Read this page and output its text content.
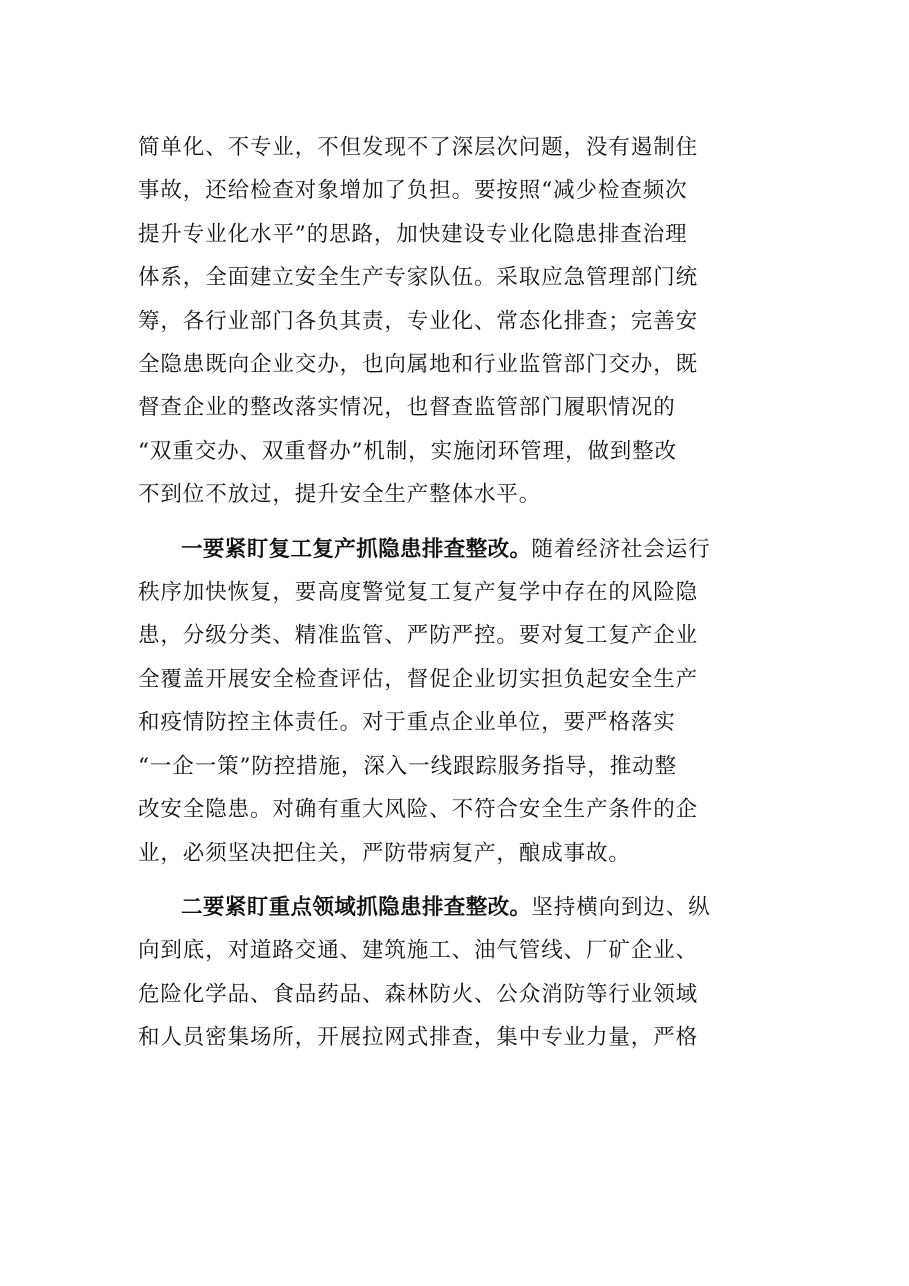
简单化、不专业，不但发现不了深层次问题，没有遏制住
事故，还给检查对象增加了负担。要按照“减少检查频次
提升专业化水平”的思路，加快建设专业化隐患排查治理
体系，全面建立安全生产专家队伍。采取应急管理部门统
筹，各行业部门各负其责，专业化、常态化排查；完善安
全隐患既向企业交办，也向属地和行业监管部门交办，既
督查企业的整改落实情况，也督查监管部门履职情况的
“双重交办、双重督办”机制，实施闭环管理，做到整改
不到位不放过，提升安全生产整体水平。
一要紧盯复工复产抓隐患排查整改。随着经济社会运行
秩序加快恢复，要高度警觉复工复产复学中存在的风险隐
患，分级分类、精准监管、严防严控。要对复工复产企业
全覆盖开展安全检查评估，督促企业切实担负起安全生产
和疫情防控主体责任。对于重点企业单位，要严格落实
“一企一策”防控措施，深入一线跟踪服务指导，推动整
改安全隐患。对确有重大风险、不符合安全生产条件的企
业，必须坚决把住关，严防带病复产，酿成事故。
二要紧盯重点领域抓隐患排查整改。坚持横向到边、纵
向到底，对道路交通、建筑施工、油气管线、厂矿企业、
危险化学品、食品药品、森林防火、公众消防等行业领域
和人员密集场所，开展拉网式排查，集中专业力量，严格
